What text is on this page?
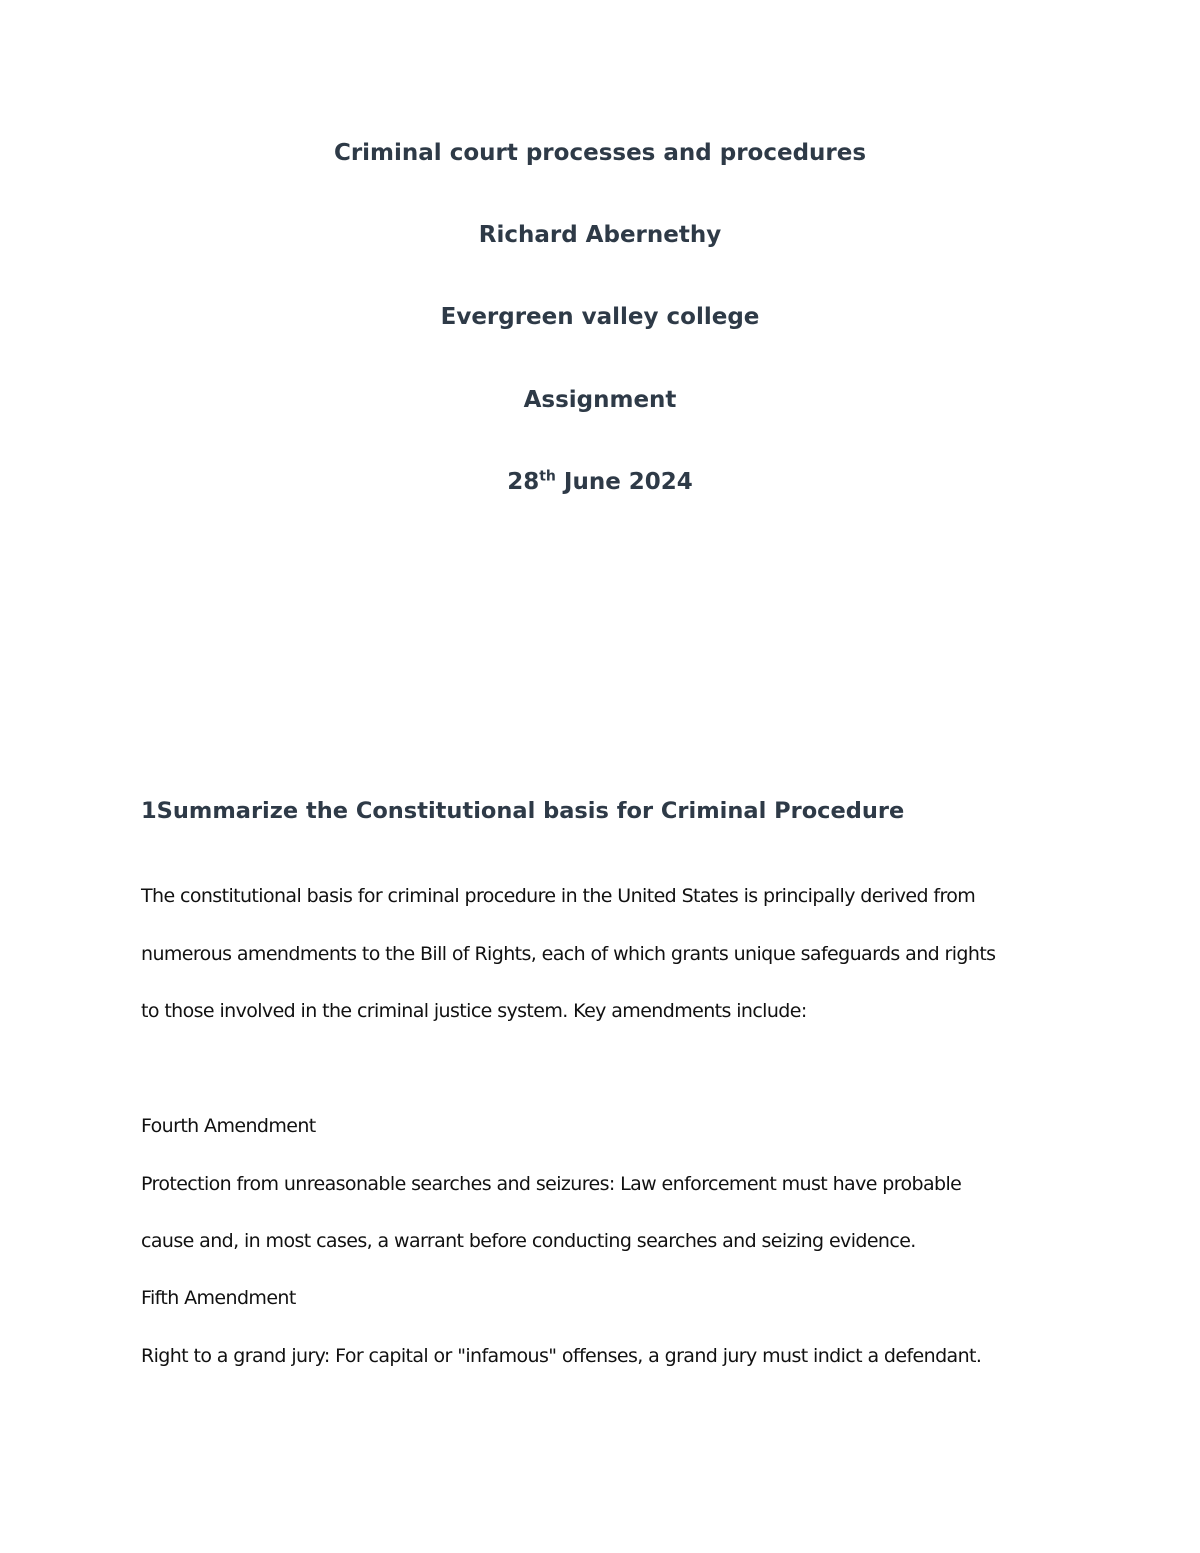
Criminal court processes and procedures
Richard Abernethy
Evergreen valley college
Assignment
28th June 2024
1Summarize the Constitutional basis for Criminal Procedure
The constitutional basis for criminal procedure in the United States is principally derived from
numerous amendments to the Bill of Rights, each of which grants unique safeguards and rights
to those involved in the criminal justice system. Key amendments include:
Fourth Amendment
Protection from unreasonable searches and seizures: Law enforcement must have probable
cause and, in most cases, a warrant before conducting searches and seizing evidence.
Fifth Amendment
Right to a grand jury: For capital or "infamous" offenses, a grand jury must indict a defendant.
